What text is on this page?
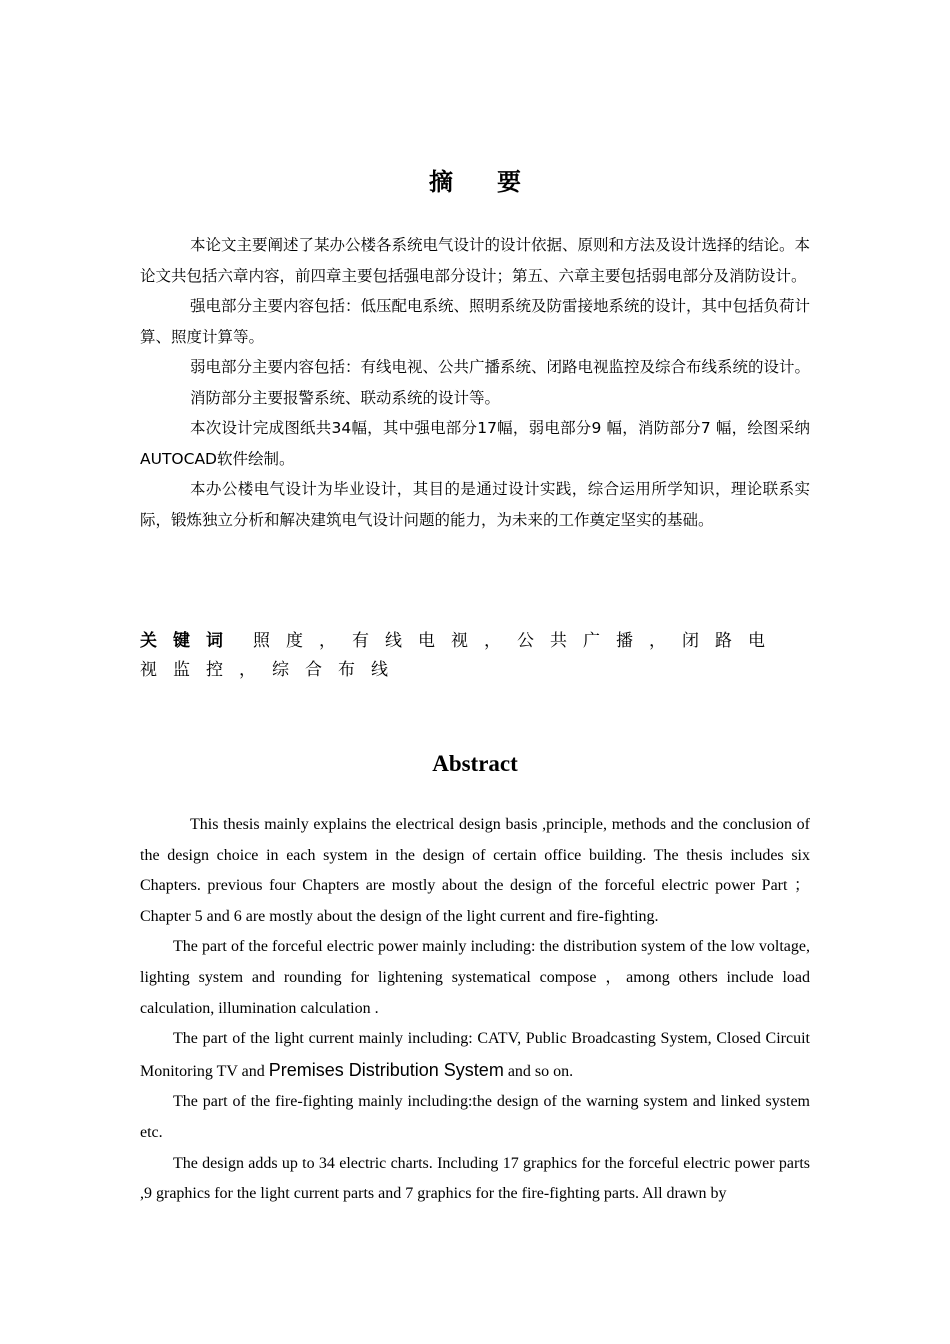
摘要

本论文主要阐述了某办公楼各系统电气设计的设计依据、原则和方法及设计选择的结论。本论文共包括六章内容，前四章主要包括强电部分设计；第五、六章主要包括弱电部分及消防设计。

强电部分主要内容包括：低压配电系统、照明系统及防雷接地系统的设计，其中包括负荷计算、照度计算等。

弱电部分主要内容包括：有线电视、公共广播系统、闭路电视监控及综合布线系统的设计。

消防部分主要报警系统、联动系统的设计等。

本次设计完成图纸共34幅，其中强电部分17幅，弱电部分9 幅，消防部分7 幅，绘图采纳AUTOCAD软件绘制。

本办公楼电气设计为毕业设计，其目的是通过设计实践，综合运用所学知识，理论联系实际，锻炼独立分析和解决建筑电气设计问题的能力，为未来的工作奠定坚实的基础。

关键词 照度，有线电视，公共广播，闭路电视监控，综合布线
Abstract

This thesis mainly explains the electrical design basis ,principle, methods and the conclusion of the design choice in each system in the design of certain office building. The thesis includes six Chapters. previous four Chapters are mostly about the design of the forceful electric power Part ；Chapter 5 and 6 are mostly about the design of the light current and fire-fighting.

The part of the forceful electric power mainly including: the distribution system of the low voltage, lighting system and rounding for lightening systematical compose ，among others include load calculation, illumination calculation .

The part of the light current mainly including: CATV, Public Broadcasting System, Closed Circuit Monitoring TV and Premises Distribution System and so on.

The part of the fire-fighting mainly including:the design of the warning system and linked system etc.

The design adds up to 34 electric charts. Including 17 graphics for the forceful electric power parts ,9 graphics for the light current parts and 7 graphics for the fire-fighting parts. All drawn by
